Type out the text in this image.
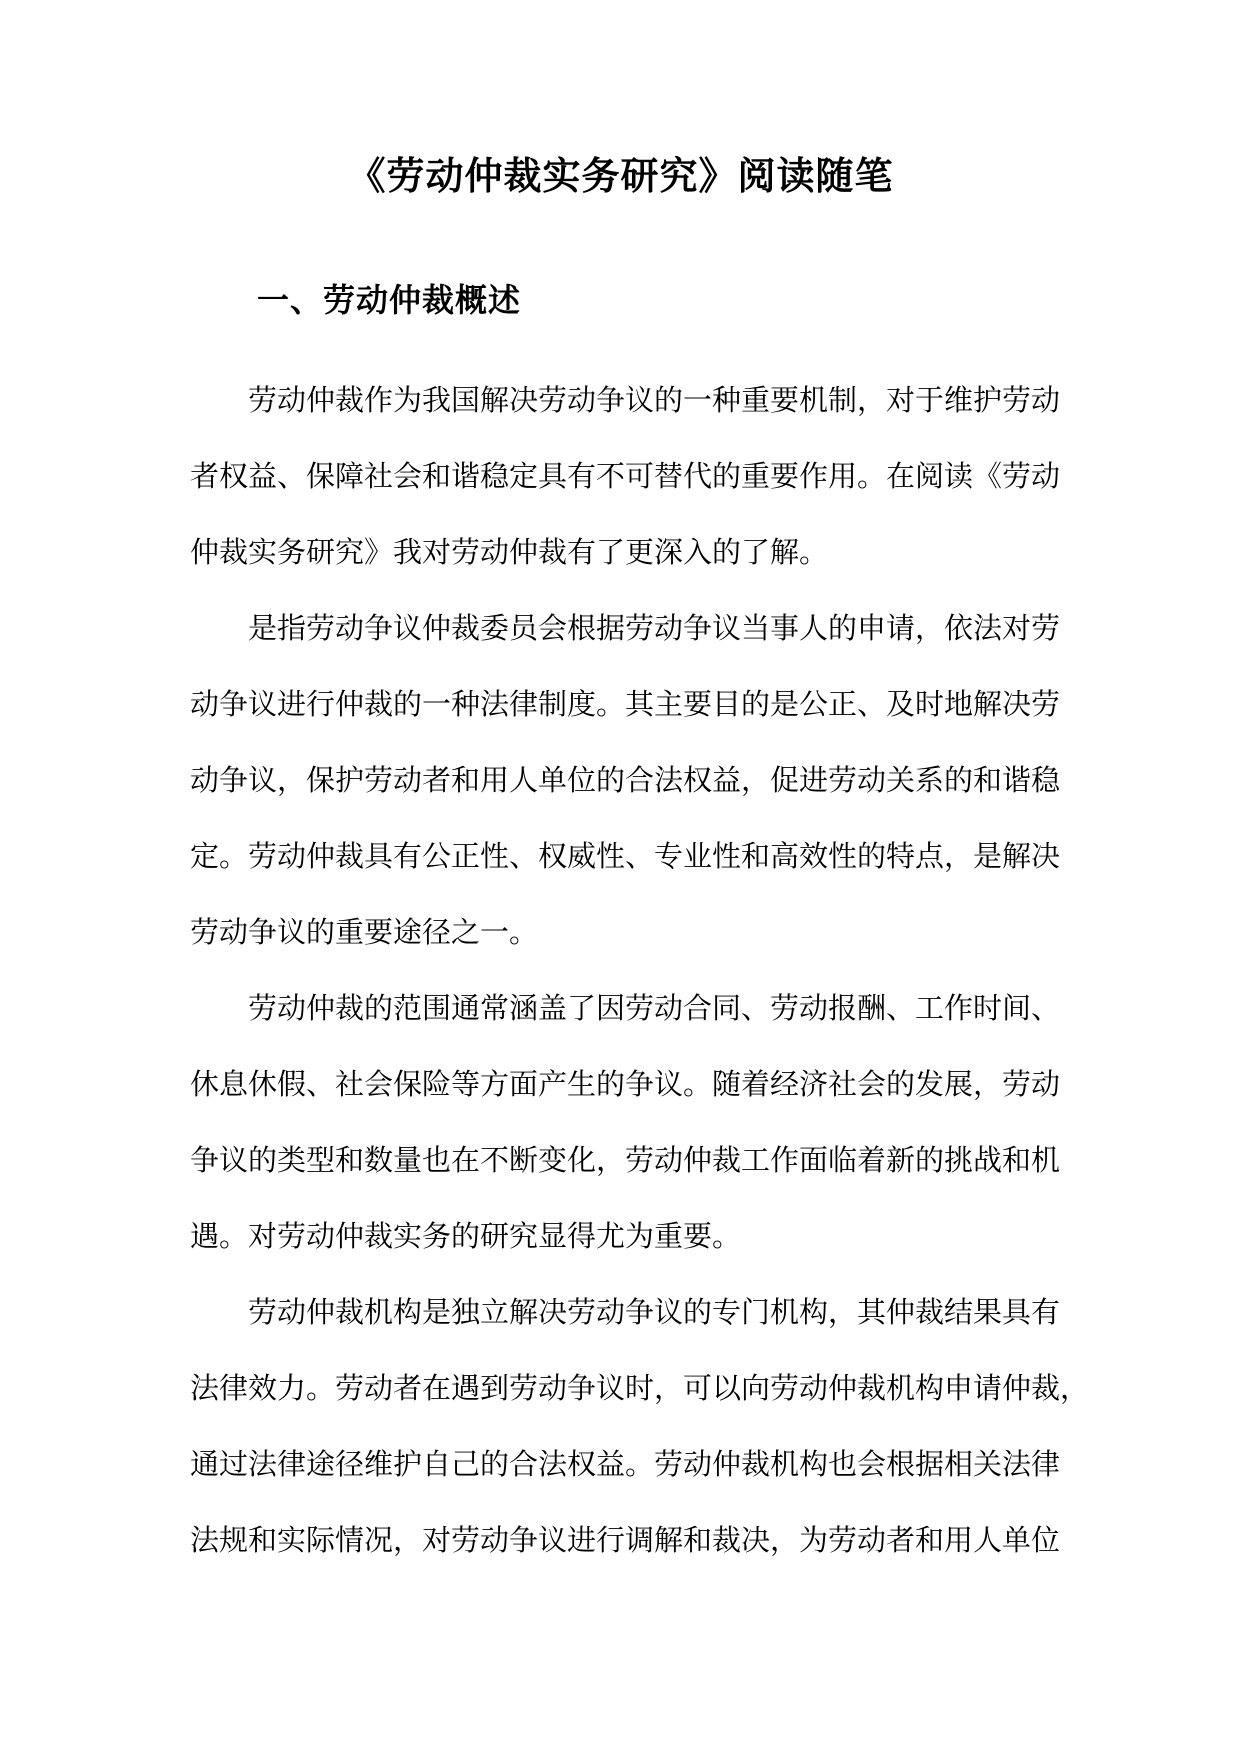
《劳动仲裁实务研究》阅读随笔
一、劳动仲裁概述

劳动仲裁作为我国解决劳动争议的一种重要机制，对于维护劳动
者权益、保障社会和谐稳定具有不可替代的重要作用。在阅读《劳动
仲裁实务研究》我对劳动仲裁有了更深入的了解。

是指劳动争议仲裁委员会根据劳动争议当事人的申请，依法对劳
动争议进行仲裁的一种法律制度。其主要目的是公正、及时地解决劳
动争议，保护劳动者和用人单位的合法权益，促进劳动关系的和谐稳
定。劳动仲裁具有公正性、权威性、专业性和高效性的特点，是解决
劳动争议的重要途径之一。

劳动仲裁的范围通常涵盖了因劳动合同、劳动报酬、工作时间、
休息休假、社会保险等方面产生的争议。随着经济社会的发展，劳动
争议的类型和数量也在不断变化，劳动仲裁工作面临着新的挑战和机
遇。对劳动仲裁实务的研究显得尤为重要。

劳动仲裁机构是独立解决劳动争议的专门机构，其仲裁结果具有
法律效力。劳动者在遇到劳动争议时，可以向劳动仲裁机构申请仲裁，
通过法律途径维护自己的合法权益。劳动仲裁机构也会根据相关法律
法规和实际情况，对劳动争议进行调解和裁决，为劳动者和用人单位
